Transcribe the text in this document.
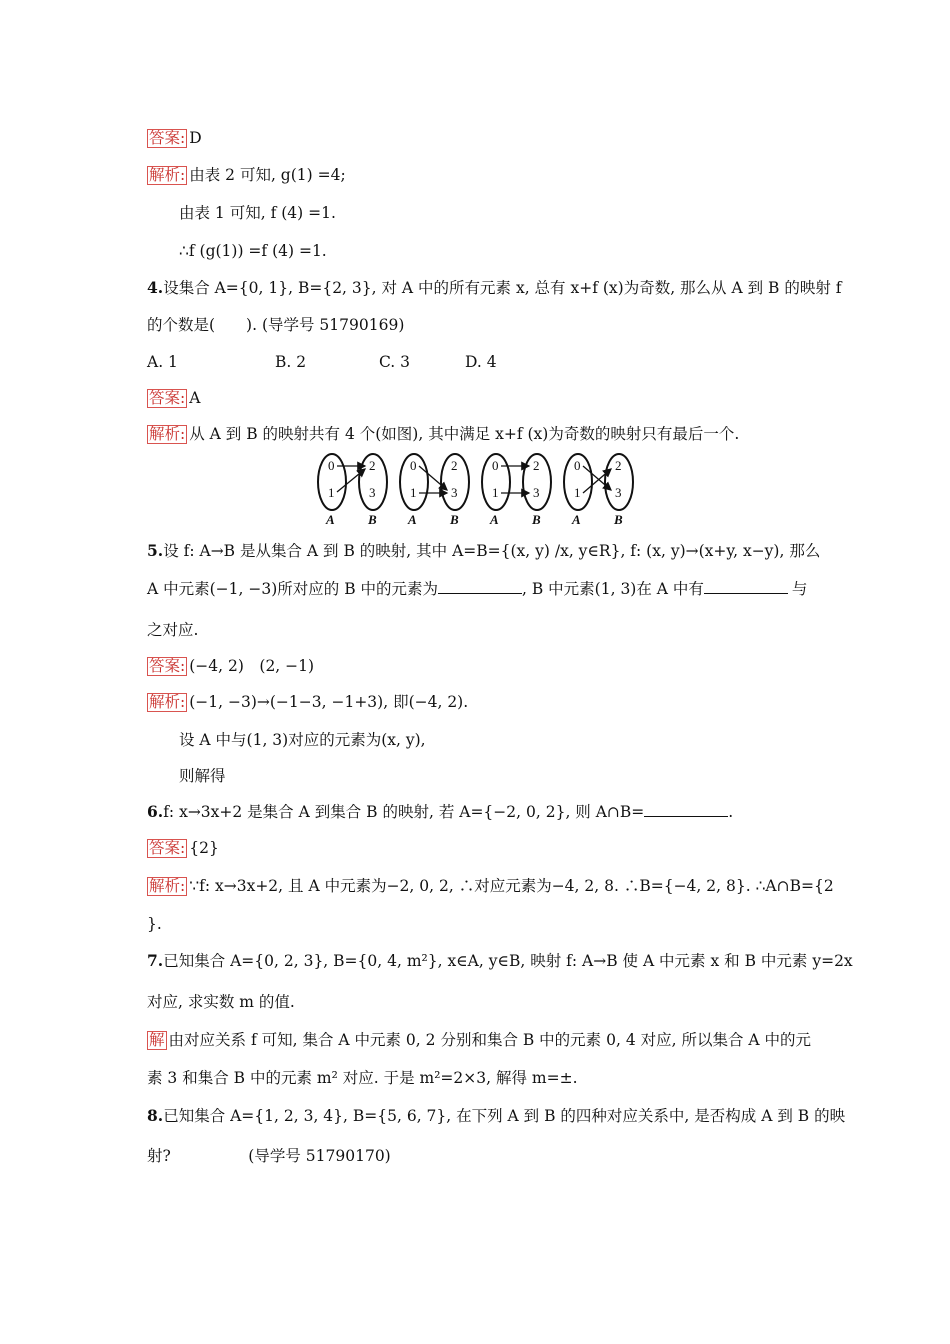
答案: D
解析: 由表 2 可知, g(1) =4;
由表 1 可知, f (4) =1.
∴f (g(1)) =f (4) =1.
4.设集合 A={0, 1}, B={2, 3}, 对 A 中的所有元素 x, 总有 x+f (x)为奇数, 那么从 A 到 B 的映射 f
的个数是(　　). (导学号 51790169)
A. 1	B. 2	C. 3	D. 4
答案: A
解析: 从 A 到 B 的映射共有 4 个(如图), 其中满足 x+f (x)为奇数的映射只有最后一个.
0
1
2
3
A	B
0
1
2
3
A	B
0
1
2
3
A	B
0
1
2
3
A	B
5.设 f: A→B 是从集合 A 到 B 的映射, 其中 A=B={(x, y) /x, y∈R}, f: (x, y)→(x+y, x−y), 那么
A 中元素(−1, −3)所对应的 B 中的元素为	, B 中元素(1, 3)在 A 中有	与
之对应.
答案: (−4, 2)　(2, −1)
解析: (−1, −3)→(−1−3, −1+3), 即(−4, 2).
设 A 中与(1, 3)对应的元素为(x, y),
则解得
6.f: x→3x+2 是集合 A 到集合 B 的映射, 若 A={−2, 0, 2}, 则 A∩B=	.
答案: {2}
解析: ∵f: x→3x+2, 且 A 中元素为−2, 0, 2, ∴对应元素为−4, 2, 8. ∴B={−4, 2, 8}. ∴A∩B={2
}.
7.已知集合 A={0, 2, 3}, B={0, 4, m²}, x∈A, y∈B, 映射 f: A→B 使 A 中元素 x 和 B 中元素 y=2x
对应, 求实数 m 的值.
解 由对应关系 f 可知, 集合 A 中元素 0, 2 分别和集合 B 中的元素 0, 4 对应, 所以集合 A 中的元
素 3 和集合 B 中的元素 m² 对应. 于是 m²=2×3, 解得 m=±.
8.已知集合 A={1, 2, 3, 4}, B={5, 6, 7}, 在下列 A 到 B 的四种对应关系中, 是否构成 A 到 B 的映
射?　　　　　(导学号 51790170)
